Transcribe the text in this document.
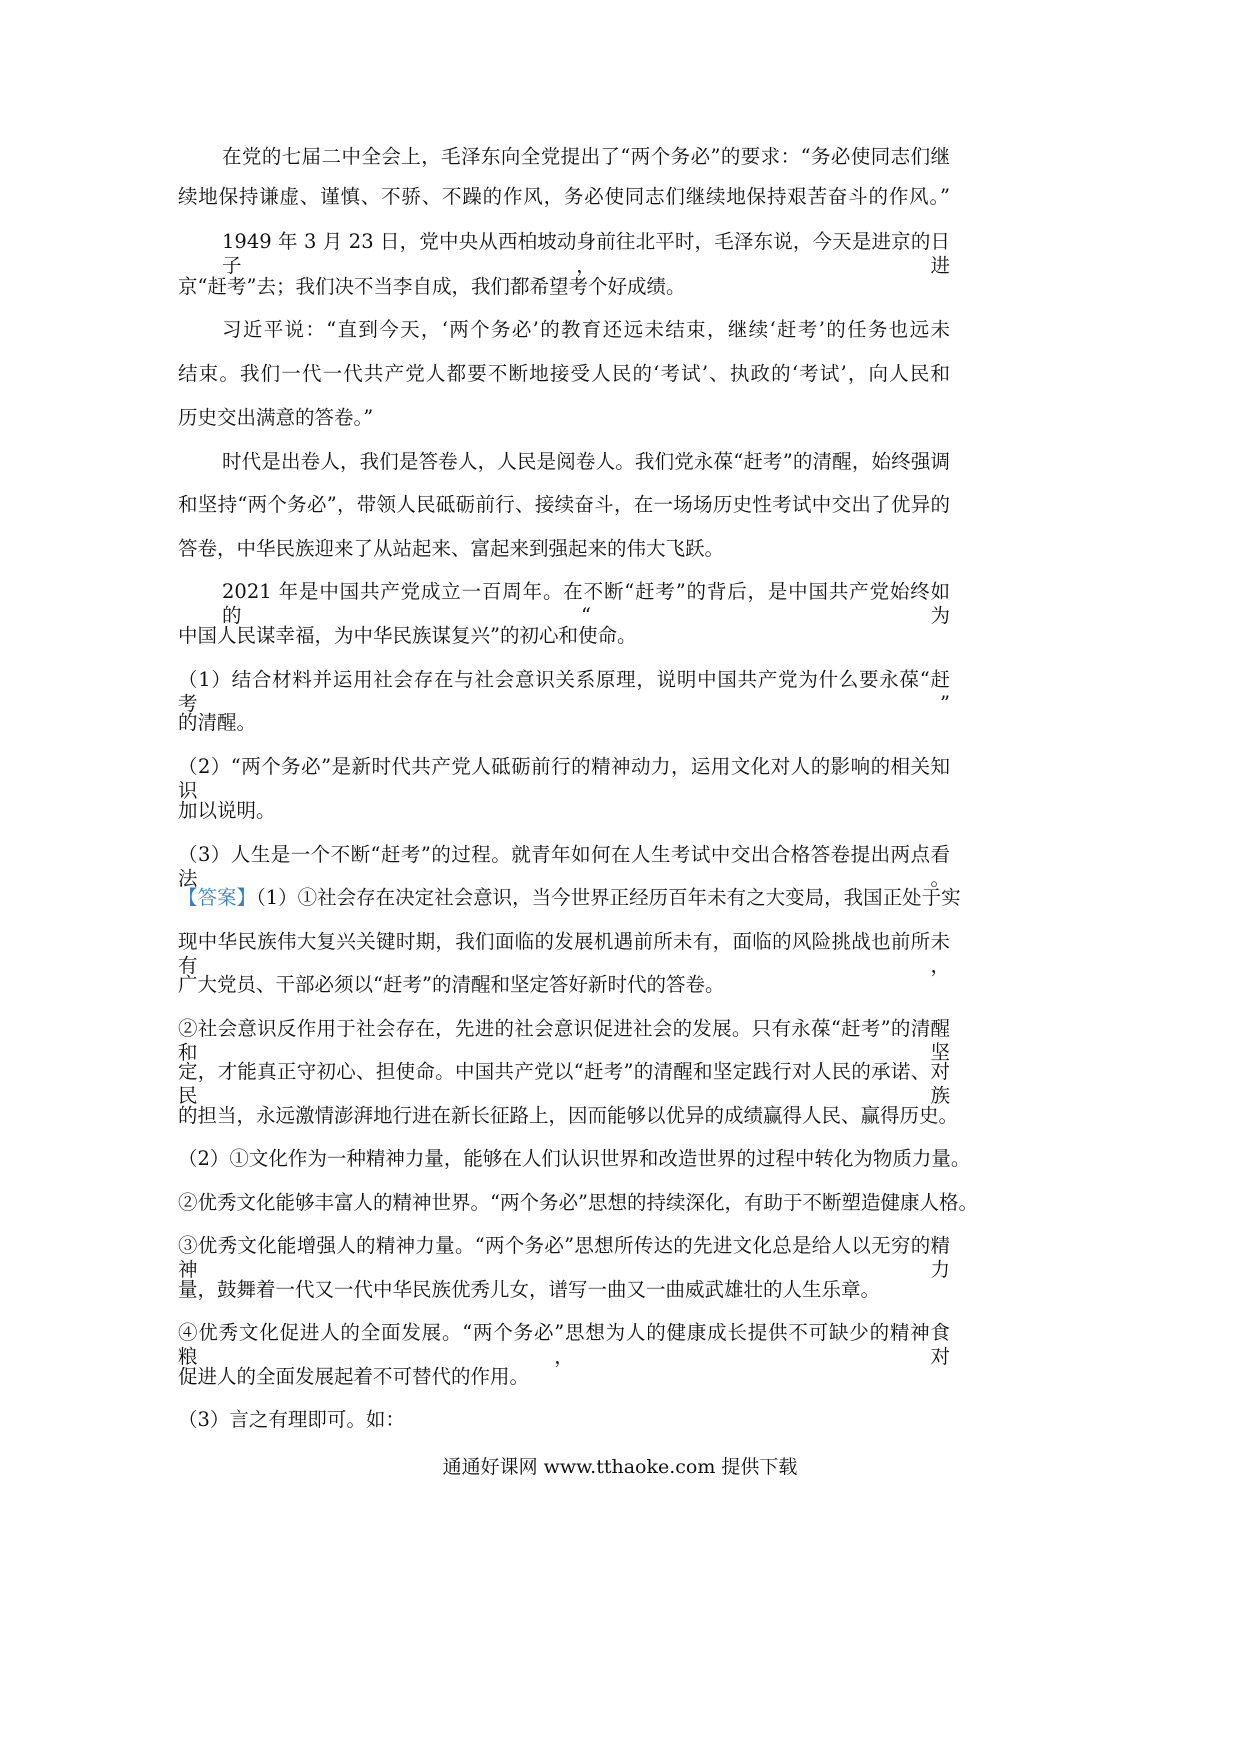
在党的七届二中全会上，毛泽东向全党提出了“两个务必”的要求：“务必使同志们继
续地保持谦虚、谨慎、不骄、不躁的作风，务必使同志们继续地保持艰苦奋斗的作风。”
1949 年 3 月 23 日，党中央从西柏坡动身前往北平时，毛泽东说，今天是进京的日子，进
京“赶考”去；我们决不当李自成，我们都希望考个好成绩。
习近平说：“直到今天，‘两个务必’的教育还远未结束，继续‘赶考’的任务也远未
结束。我们一代一代共产党人都要不断地接受人民的‘考试’、执政的‘考试’，向人民和
历史交出满意的答卷。”
时代是出卷人，我们是答卷人，人民是阅卷人。我们党永葆“赶考”的清醒，始终强调
和坚持“两个务必”，带领人民砥砺前行、接续奋斗，在一场场历史性考试中交出了优异的
答卷，中华民族迎来了从站起来、富起来到强起来的伟大飞跃。
2021 年是中国共产党成立一百周年。在不断“赶考”的背后，是中国共产党始终如的“为
中国人民谋幸福，为中华民族谋复兴”的初心和使命。
（1）结合材料并运用社会存在与社会意识关系原理，说明中国共产党为什么要永葆“赶考”
的清醒。
（2）“两个务必”是新时代共产党人砥砺前行的精神动力，运用文化对人的影响的相关知识
加以说明。
（3）人生是一个不断“赶考”的过程。就青年如何在人生考试中交出合格答卷提出两点看法。
【答案】（1）①社会存在决定社会意识，当今世界正经历百年未有之大变局，我国正处于实
现中华民族伟大复兴关键时期，我们面临的发展机遇前所未有，面临的风险挑战也前所未有，
广大党员、干部必须以“赶考”的清醒和坚定答好新时代的答卷。
②社会意识反作用于社会存在，先进的社会意识促进社会的发展。只有永葆“赶考”的清醒和坚
定，才能真正守初心、担使命。中国共产党以“赶考”的清醒和坚定践行对人民的承诺、对民族
的担当，永远激情澎湃地行进在新长征路上，因而能够以优异的成绩赢得人民、赢得历史。
（2）①文化作为一种精神力量，能够在人们认识世界和改造世界的过程中转化为物质力量。
②优秀文化能够丰富人的精神世界。“两个务必”思想的持续深化，有助于不断塑造健康人格。
③优秀文化能增强人的精神力量。“两个务必”思想所传达的先进文化总是给人以无穷的精神力
量，鼓舞着一代又一代中华民族优秀儿女，谱写一曲又一曲威武雄壮的人生乐章。
④优秀文化促进人的全面发展。“两个务必”思想为人的健康成长提供不可缺少的精神食粮，对
促进人的全面发展起着不可替代的作用。
（3）言之有理即可。如：
通通好课网 www.tthaoke.com 提供下载
